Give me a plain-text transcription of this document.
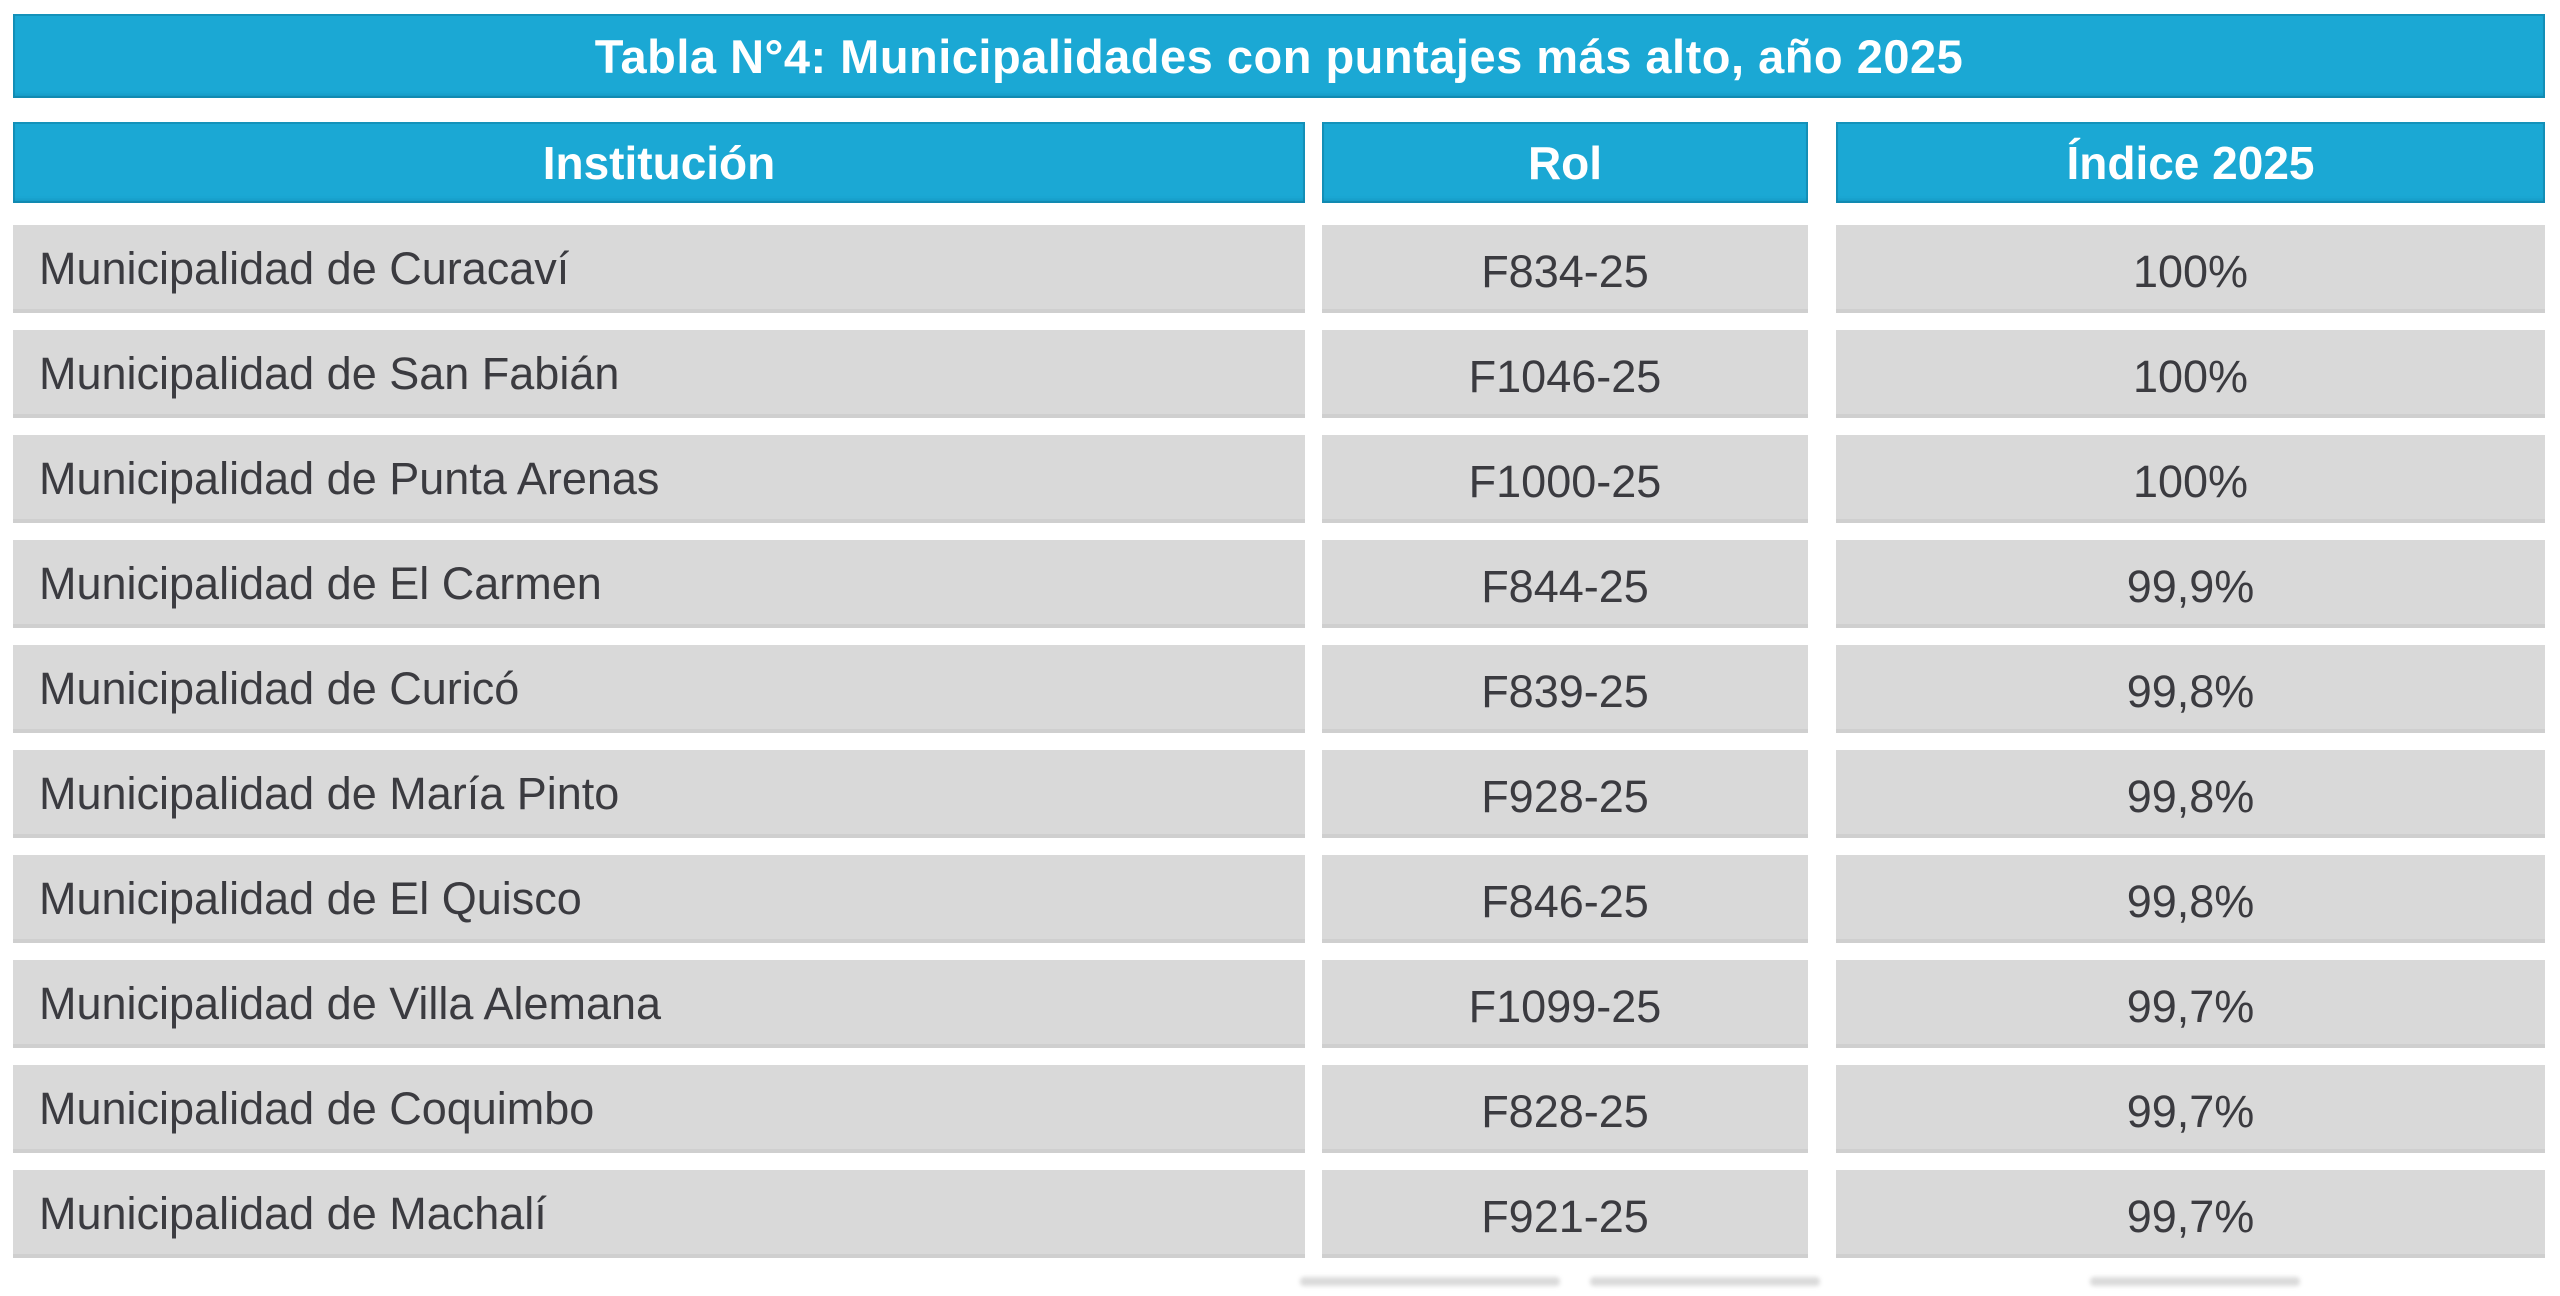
Tabla N°4: Municipalidades con puntajes más alto, año 2025
Institución	Rol	Índice 2025
Municipalidad de Curacaví	F834-25	100%
Municipalidad de San Fabián	F1046-25	100%
Municipalidad de Punta Arenas	F1000-25	100%
Municipalidad de El Carmen	F844-25	99,9%
Municipalidad de Curicó	F839-25	99,8%
Municipalidad de María Pinto	F928-25	99,8%
Municipalidad de El Quisco	F846-25	99,8%
Municipalidad de Villa Alemana	F1099-25	99,7%
Municipalidad de Coquimbo	F828-25	99,7%
Municipalidad de Machalí	F921-25	99,7%
